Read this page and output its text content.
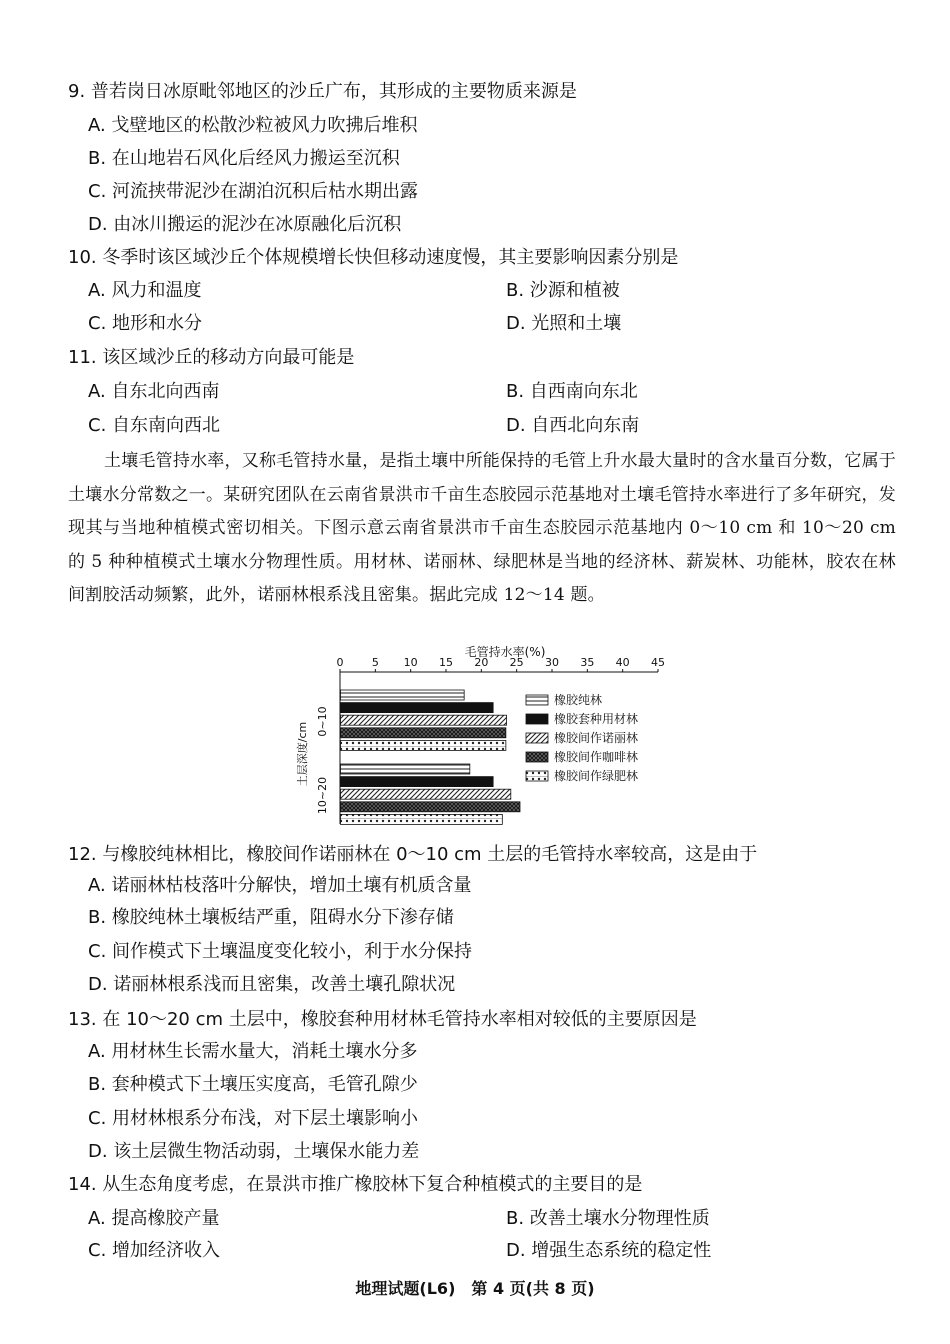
9. 普若岗日冰原毗邻地区的沙丘广布，其形成的主要物质来源是
A. 戈壁地区的松散沙粒被风力吹拂后堆积
B. 在山地岩石风化后经风力搬运至沉积
C. 河流挟带泥沙在湖泊沉积后枯水期出露
D. 由冰川搬运的泥沙在冰原融化后沉积
10. 冬季时该区域沙丘个体规模增长快但移动速度慢，其主要影响因素分别是
A. 风力和温度	B. 沙源和植被
C. 地形和水分	D. 光照和土壤
11. 该区域沙丘的移动方向最可能是
A. 自东北向西南	B. 自西南向东北
C. 自东南向西北	D. 自西北向东南
土壤毛管持水率，又称毛管持水量，是指土壤中所能保持的毛管上升水最大量时的含水量百分数，它属于土壤水分常数之一。某研究团队在云南省景洪市千亩生态胶园示范基地对土壤毛管持水率进行了多年研究，发现其与当地种植模式密切相关。下图示意云南省景洪市千亩生态胶园示范基地内 0～10 cm 和 10～20 cm 的 5 种种植模式土壤水分物理性质。用材林、诺丽林、绿肥林是当地的经济林、薪炭林、功能林，胶农在林间割胶活动频繁，此外，诺丽林根系浅且密集。据此完成 12～14 题。
毛管持水率(%)
0	5 10 15 20 25 30 35 40 45
0~10
10~20
土层深度/cm
橡胶纯林
橡胶套种用材林
橡胶间作诺丽林
橡胶间作咖啡林
橡胶间作绿肥林
12. 与橡胶纯林相比，橡胶间作诺丽林在 0～10 cm 土层的毛管持水率较高，这是由于
A. 诺丽林枯枝落叶分解快，增加土壤有机质含量
B. 橡胶纯林土壤板结严重，阻碍水分下渗存储
C. 间作模式下土壤温度变化较小，利于水分保持
D. 诺丽林根系浅而且密集，改善土壤孔隙状况
13. 在 10～20 cm 土层中，橡胶套种用材林毛管持水率相对较低的主要原因是
A. 用材林生长需水量大，消耗土壤水分多
B. 套种模式下土壤压实度高，毛管孔隙少
C. 用材林根系分布浅，对下层土壤影响小
D. 该土层微生物活动弱，土壤保水能力差
14. 从生态角度考虑，在景洪市推广橡胶林下复合种植模式的主要目的是
A. 提高橡胶产量	B. 改善土壤水分物理性质
C. 增加经济收入	D. 增强生态系统的稳定性
地理试题(L6)　第 4 页(共 8 页)
